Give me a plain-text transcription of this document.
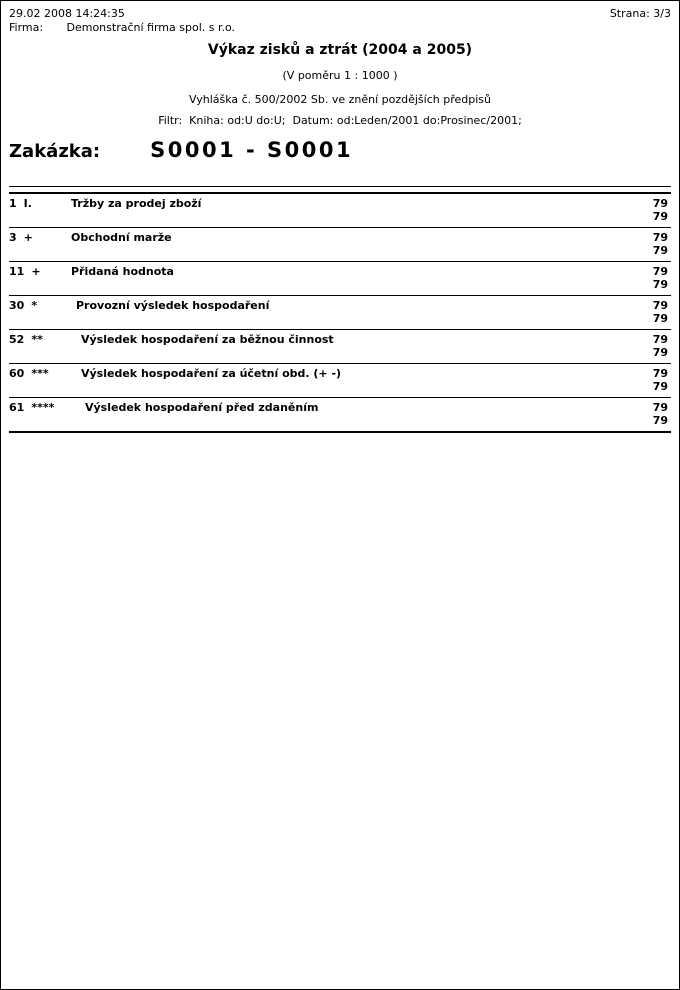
29.02 2008 14:24:35	Strana: 3/3
Firma: Demonstrační firma spol. s r.o.
Výkaz zisků a ztrát (2004 a 2005)
(V poměru 1 : 1000 )
Vyhláška č. 500/2002 Sb. ve znění pozdějších předpisů
Filtr:  Kniha: od:U do:U;  Datum: od:Leden/2001 do:Prosinec/2001;
Zakázka: S0001 - S0001
1 I.	Tržby za prodej zboží	79
79
3 +	Obchodní marže	79
79
11 +	Přidaná hodnota	79
79
30 *	Provozní výsledek hospodaření	79
79
52 **	Výsledek hospodaření za běžnou činnost	79
79
60 ***	Výsledek hospodaření za účetní obd. (+ -)	79
79
61 ****	Výsledek hospodaření před zdaněním	79
79
